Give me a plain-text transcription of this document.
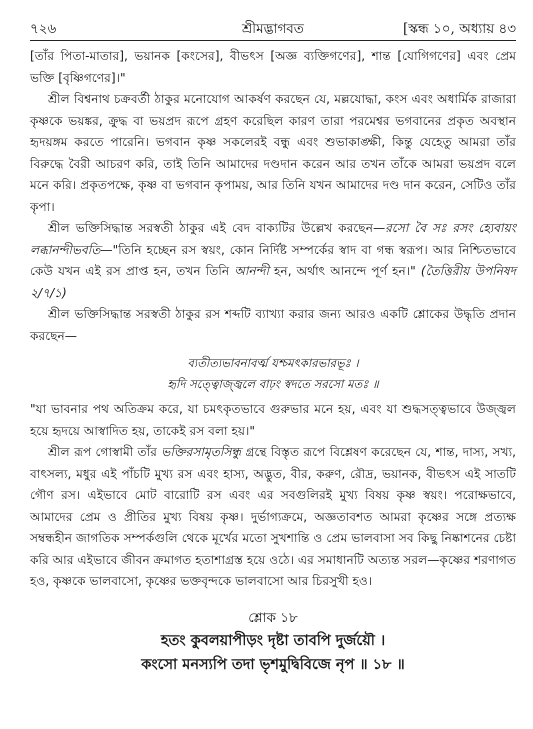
৭২৬	শ্রীমদ্ভাগবত	[স্কন্ধ ১০, অধ্যায় ৪৩

[তাঁর পিতা-মাতার], ভয়ানক [কংসের], বীভৎস [অজ্ঞ ব্যক্তিগণের], শান্ত [যোগিগণের] এবং প্রেম ভক্তি [বৃষ্ণিগণের]।"

শ্রীল বিশ্বনাথ চক্রবর্তী ঠাকুর মনোযোগ আকর্ষণ করছেন যে, মল্লযোদ্ধা, কংস এবং অধার্মিক রাজারা কৃষ্ণকে ভয়ঙ্কর, ক্রুদ্ধ বা ভয়প্রদ রূপে গ্রহণ করেছিল কারণ তারা পরমেশ্বর ভগবানের প্রকৃত অবস্থান হৃদয়ঙ্গম করতে পারেনি। ভগবান কৃষ্ণ সকলেরই বন্ধু এবং শুভাকাঙ্ক্ষী, কিন্তু যেহেতু আমরা তাঁর বিরুদ্ধে বৈরী আচরণ করি, তাই তিনি আমাদের দণ্ডদান করেন আর তখন তাঁকে আমরা ভয়প্রদ বলে মনে করি। প্রকৃতপক্ষে, কৃষ্ণ বা ভগবান কৃপাময়, আর তিনি যখন আমাদের দণ্ড দান করেন, সেটিও তাঁর কৃপা।

শ্রীল ভক্তিসিদ্ধান্ত সরস্বতী ঠাকুর এই বেদ বাক্যটির উল্লেখ করছেন—রসো বৈ সঃ রসং হ্যেবায়ং লব্ধানন্দীভবতি—"তিনি হচ্ছেন রস স্বয়ং, কোন নির্দিষ্ট সম্পর্কের স্বাদ বা গন্ধ স্বরূপ। আর নিশ্চিতভাবে কেউ যখন এই রস প্রাপ্ত হন, তখন তিনি আনন্দী হন, অর্থাৎ আনন্দে পূর্ণ হন।" (তৈত্তিরীয় উপনিষদ ২/৭/১)

শ্রীল ভক্তিসিদ্ধান্ত সরস্বতী ঠাকুর রস শব্দটি ব্যাখ্যা করার জন্য আরও একটি শ্লোকের উদ্ধৃতি প্রদান করছেন—

ব্যতীত্যভাবনাবর্ত্ম যশ্চমৎকারভারভূঃ ।
হৃদি সত্ত্বোজ্জ্বলে বাঢ়ং স্বদতে সরসো মতঃ ॥

"যা ভাবনার পথ অতিক্রম করে, যা চমৎকৃতভাবে গুরুভার মনে হয়, এবং যা শুদ্ধসত্ত্বভাবে উজ্জ্বল হয়ে হৃদয়ে আস্বাদিত হয়, তাকেই রস বলা হয়।"

শ্রীল রূপ গোস্বামী তাঁর ভক্তিরসামৃতসিন্ধু গ্রন্থে বিস্তৃত রূপে বিশ্লেষণ করেছেন যে, শান্ত, দাস্য, সখ্য, বাৎসল্য, মধুর এই পাঁচটি মুখ্য রস এবং হাস্য, অদ্ভুত, বীর, করুণ, রৌদ্র, ভয়ানক, বীভৎস এই সাতটি গৌণ রস। এইভাবে মোট বারোটি রস এবং এর সবগুলিরই মুখ্য বিষয় কৃষ্ণ স্বয়ং। পরোক্ষভাবে, আমাদের প্রেম ও প্রীতির মুখ্য বিষয় কৃষ্ণ। দুর্ভাগ্যক্রমে, অজ্ঞতাবশত আমরা কৃষ্ণের সঙ্গে প্রত্যক্ষ সম্বন্ধহীন জাগতিক সম্পর্কগুলি থেকে মূর্খের মতো সুখশান্তি ও প্রেম ভালবাসা সব কিছু নিষ্কাশনের চেষ্টা করি আর এইভাবে জীবন ক্রমাগত হতাশাগ্রস্ত হয়ে ওঠে। এর সমাধানটি অত্যন্ত সরল—কৃষ্ণের শরণাগত হও, কৃষ্ণকে ভালবাসো, কৃষ্ণের ভক্তবৃন্দকে ভালবাসো আর চিরসুখী হও।

শ্লোক ১৮
হতং কুবলয়াপীড়ং দৃষ্টা তাবপি দুর্জয়ৌ ।
কংসো মনস্যপি তদা ভৃশমুদ্বিবিজে নৃপ ॥ ১৮ ॥
